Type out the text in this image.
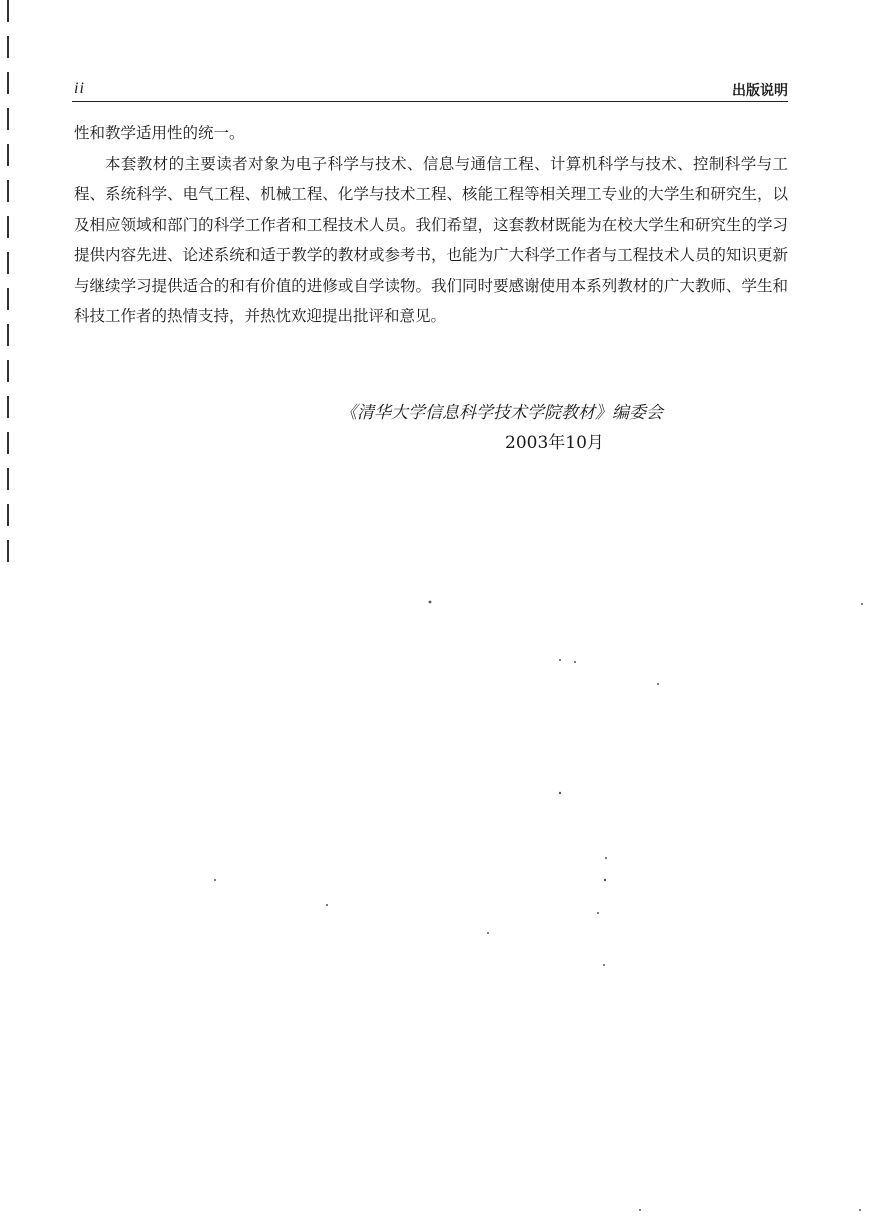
ii	出版说明

性和教学适用性的统一。

本套教材的主要读者对象为电子科学与技术、信息与通信工程、计算机科学与技术、控制科学与工程、系统科学、电气工程、机械工程、化学与技术工程、核能工程等相关理工专业的大学生和研究生，以及相应领域和部门的科学工作者和工程技术人员。我们希望，这套教材既能为在校大学生和研究生的学习提供内容先进、论述系统和适于教学的教材或参考书，也能为广大科学工作者与工程技术人员的知识更新与继续学习提供适合的和有价值的进修或自学读物。我们同时要感谢使用本系列教材的广大教师、学生和科技工作者的热情支持，并热忱欢迎提出批评和意见。

《清华大学信息科学技术学院教材》编委会
2003年10月
